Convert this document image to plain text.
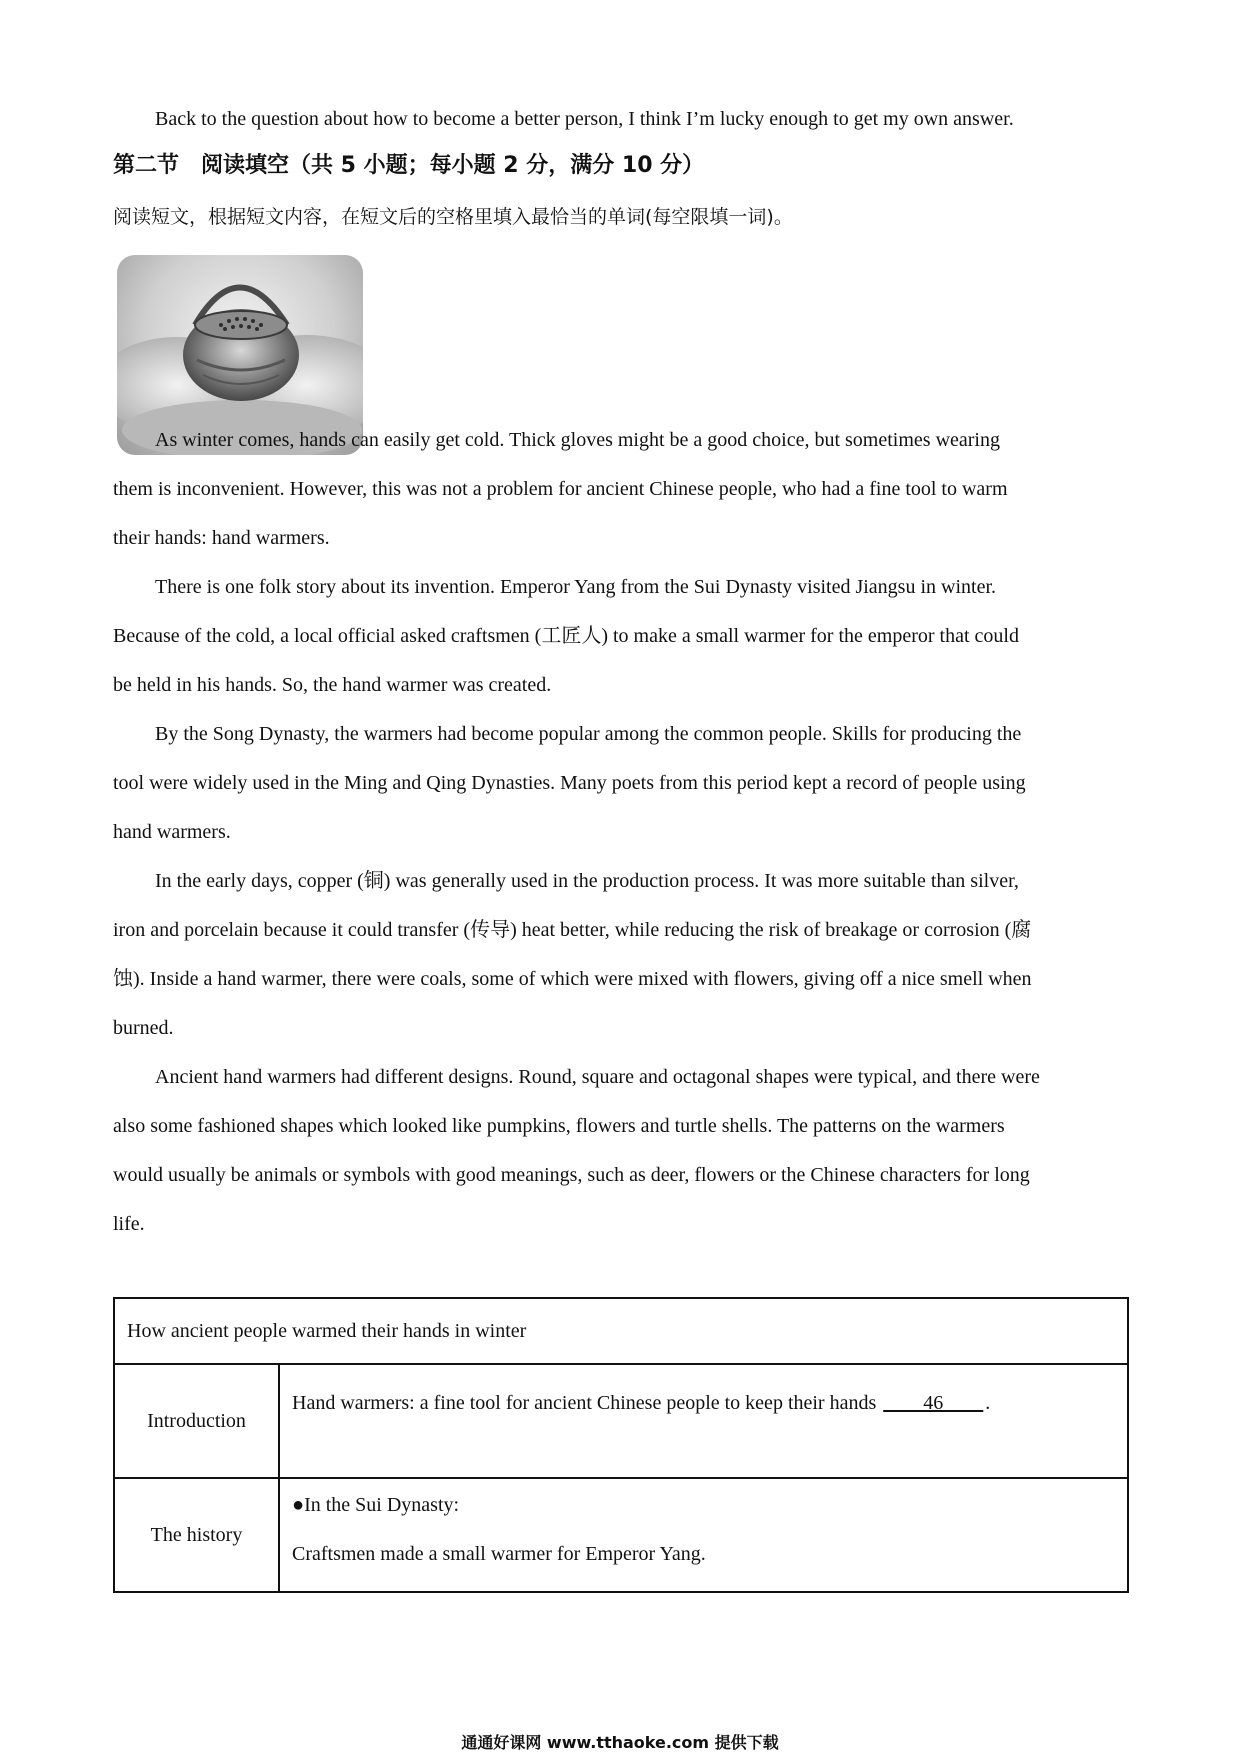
Back to the question about how to become a better person, I think I’m lucky enough to get my own answer.
第二节　阅读填空（共 5 小题；每小题 2 分，满分 10 分）
阅读短文，根据短文内容，在短文后的空格里填入最恰当的单词(每空限填一词)。
As winter comes, hands can easily get cold. Thick gloves might be a good choice, but sometimes wearing
them is inconvenient. However, this was not a problem for ancient Chinese people, who had a fine tool to warm
their hands: hand warmers.
There is one folk story about its invention. Emperor Yang from the Sui Dynasty visited Jiangsu in winter.
Because of the cold, a local official asked craftsmen (工匠人) to make a small warmer for the emperor that could
be held in his hands. So, the hand warmer was created.
By the Song Dynasty, the warmers had become popular among the common people. Skills for producing the
tool were widely used in the Ming and Qing Dynasties. Many poets from this period kept a record of people using
hand warmers.
In the early days, copper (铜) was generally used in the production process. It was more suitable than silver,
iron and porcelain because it could transfer (传导) heat better, while reducing the risk of breakage or corrosion (腐
蚀). Inside a hand warmer, there were coals, some of which were mixed with flowers, giving off a nice smell when
burned.
Ancient hand warmers had different designs. Round, square and octagonal shapes were typical, and there were
also some fashioned shapes which looked like pumpkins, flowers and turtle shells. The patterns on the warmers
would usually be animals or symbols with good meanings, such as deer, flowers or the Chinese characters for long
life.
How ancient people warmed their hands in winter	
Introduction	Hand warmers: a fine tool for ancient Chinese people to keep their hands ＿＿46＿＿ .
The history	●In the Sui Dynasty:
Craftsmen made a small warmer for Emperor Yang.
通通好课网 www.tthaoke.com 提供下载
